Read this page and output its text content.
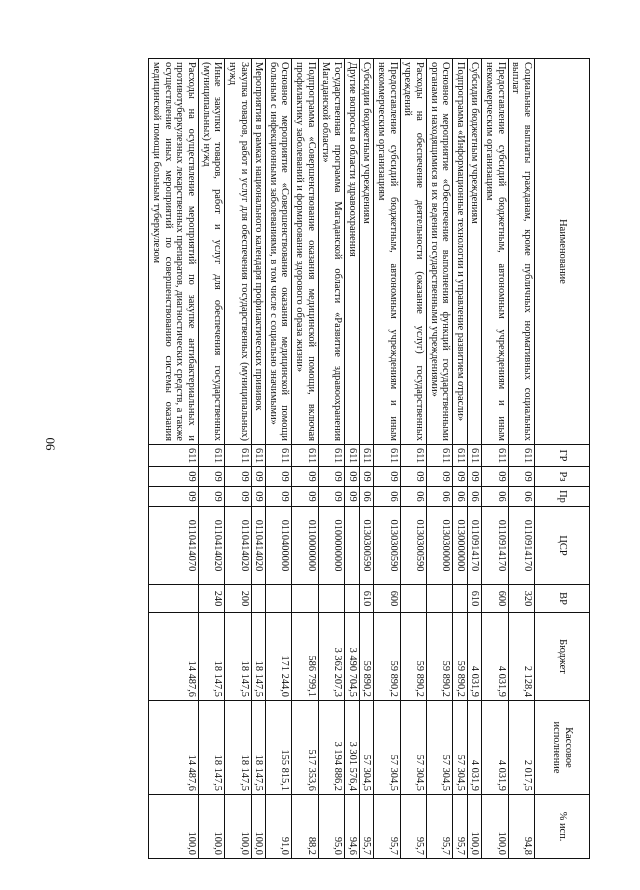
90
Наименование	ГР	Рз	Пр	ЦСР	ВР	Бюджет	Кассовое исполнение	% исп.
Социальные выплаты гражданам, кроме публичных нормативных социальных выплат	611	09	06	0110914170	320	2 128,4	2 017,5	94,8
Предоставление субсидий бюджетным, автономным учреждениям и иным некоммерческим организациям	611	09	06	0110914170	600	4 031,9	4 031,9	100,0
Субсидии бюджетным учреждениям	611	09	06	0110914170	610	4 031,9	4 031,9	100,0
Подпрограмма «Информационные технологии и управление развитием отрасли»	611	09	06	0130000000		59 890,2	57 304,5	95,7
Основное мероприятие «Обеспечение выполнения функций государственными органами и находящимися в их ведении государственными учреждениями»	611	09	06	0130300000		59 890,2	57 304,5	95,7
Расходы на обеспечение деятельности (оказание услуг) государственных учреждений	611	09	06	0130300590		59 890,2	57 304,5	95,7
Предоставление субсидий бюджетным, автономным учреждениям и иным некоммерческим организациям	611	09	06	0130300590	600	59 890,2	57 304,5	95,7
Субсидии бюджетным учреждениям	611	09	06	0130300590	610	59 890,2	57 304,5	95,7
Другие вопросы в области здравоохранения	611	09	09			3 490 704,5	3 301 576,4	94,6
Государственная программа Магаданской области «Развитие здравоохранения Магаданской области»	611	09	09	0100000000		3 362 207,3	3 194 886,2	95,0
Подпрограмма «Совершенствование оказания медицинской помощи, включая профилактику заболеваний и формирование здорового образа жизни»	611	09	09	0110000000		586 799,1	517 353,6	88,2
Основное мероприятие «Совершенствование оказания медицинской помощи больным с инфекционными заболеваниями, в том числе с социально значимыми»	611	09	09	0110400000		171 244,0	155 815,1	91,0
Мероприятия в рамках национального календаря профилактических прививок	611	09	09	0110414020		18 147,5	18 147,5	100,0
Закупка товаров, работ и услуг для обеспечения государственных (муниципальных) нужд	611	09	09	0110414020	200	18 147,5	18 147,5	100,0
Иные закупки товаров, работ и услуг для обеспечения государственных (муниципальных) нужд	611	09	09	0110414020	240	18 147,5	18 147,5	100,0
Расходы на осуществление мероприятий по закупке антибактериальных и противотуберкулезных лекарственных препаратов, диагностических средств, а также осуществление иных мероприятий по совершенствованию системы оказания медицинской помощи больным туберкулезом	611	09	09	0110414070		14 487,6	14 487,6	100,0
